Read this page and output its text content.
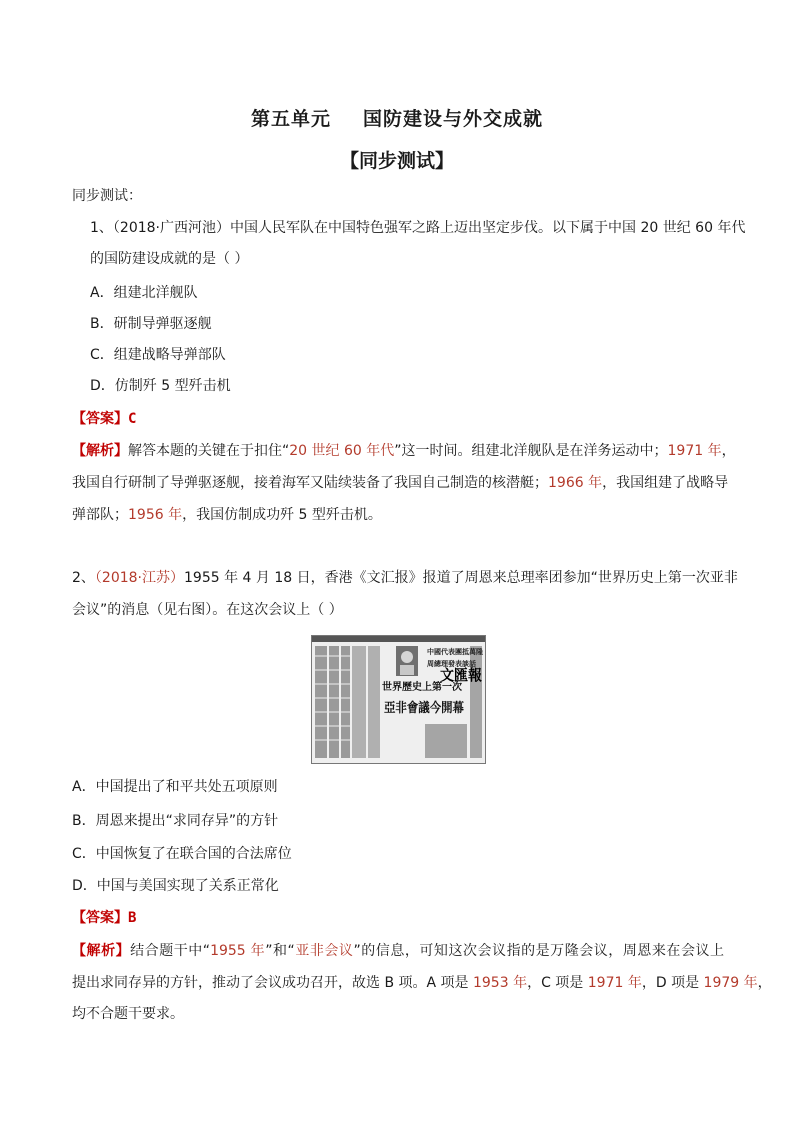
第五单元 国防建设与外交成就
【同步测试】
同步测试：
1、（2018·广西河池）中国人民军队在中国特色强军之路上迈出坚定步伐。以下属于中国 20 世纪 60 年代
的国防建设成就的是（ ）
A．组建北洋舰队
B．研制导弹驱逐舰
C．组建战略导弹部队
D．仿制歼 5 型歼击机
【答案】C
【解析】解答本题的关键在于扣住“20 世纪 60 年代”这一时间。组建北洋舰队是在洋务运动中；1971 年，
我国自行研制了导弹驱逐舰，接着海军又陆续装备了我国自己制造的核潜艇；1966 年，我国组建了战略导
弹部队；1956 年，我国仿制成功歼 5 型歼击机。
2、（2018·江苏）1955 年 4 月 18 日，香港《文汇报》报道了周恩来总理率团参加“世界历史上第一次亚非
会议”的消息（见右图）。在这次会议上（ ）
世界歷史上第一次
亞非會議今開幕
中國代表團抵萬隆
周總理發表談話
文匯報
A．中国提出了和平共处五项原则
B．周恩来提出“求同存异”的方针
C．中国恢复了在联合国的合法席位
D．中国与美国实现了关系正常化
【答案】B
【解析】结合题干中“1955 年”和“亚非会议”的信息，可知这次会议指的是万隆会议，周恩来在会议上
提出求同存异的方针，推动了会议成功召开，故选 B 项。A 项是 1953 年，C 项是 1971 年，D 项是 1979 年，
均不合题干要求。
